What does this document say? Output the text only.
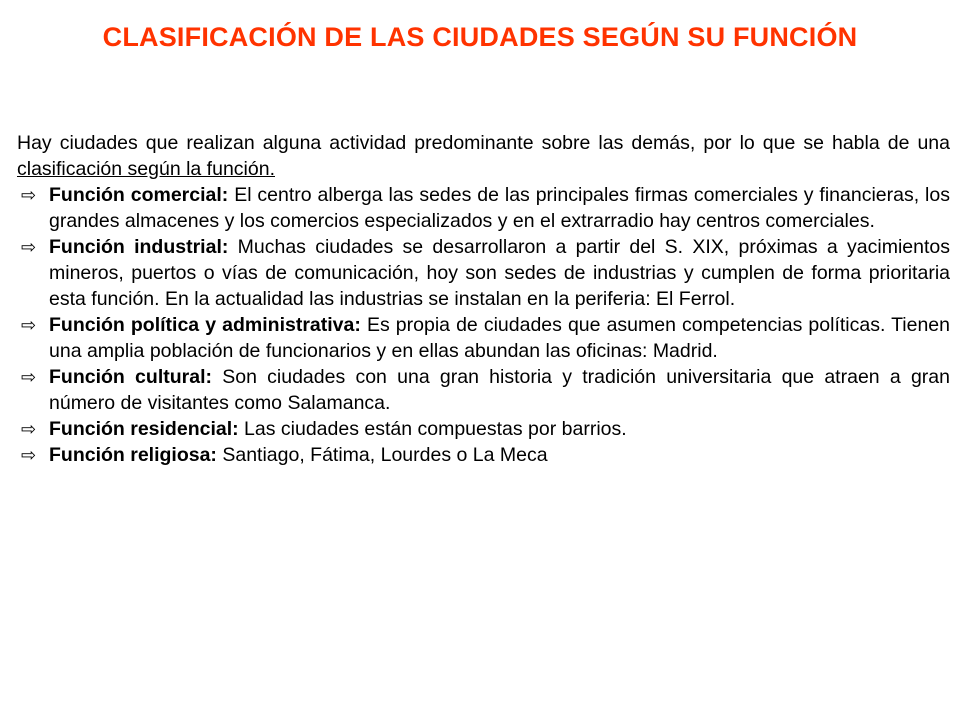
CLASIFICACIÓN DE LAS CIUDADES SEGÚN SU FUNCIÓN

Hay ciudades que realizan alguna actividad predominante sobre las demás, por lo que se habla de una clasificación según la función.

⇨ Función comercial: El centro alberga las sedes de las principales firmas comerciales y financieras, los grandes almacenes y los comercios especializados y en el extrarradio hay centros comerciales.
⇨ Función industrial: Muchas ciudades se desarrollaron a partir del S. XIX, próximas a yacimientos mineros, puertos o vías de comunicación, hoy son sedes de industrias y cumplen de forma prioritaria esta función. En la actualidad las industrias se instalan en la periferia: El Ferrol.
⇨ Función política y administrativa: Es propia de ciudades que asumen competencias políticas. Tienen una amplia población de funcionarios y en ellas abundan las oficinas: Madrid.
⇨ Función cultural: Son ciudades con una gran historia y tradición universitaria que atraen a gran número de visitantes como Salamanca.
⇨ Función residencial: Las ciudades están compuestas por barrios.
⇨ Función religiosa: Santiago, Fátima, Lourdes o La Meca
